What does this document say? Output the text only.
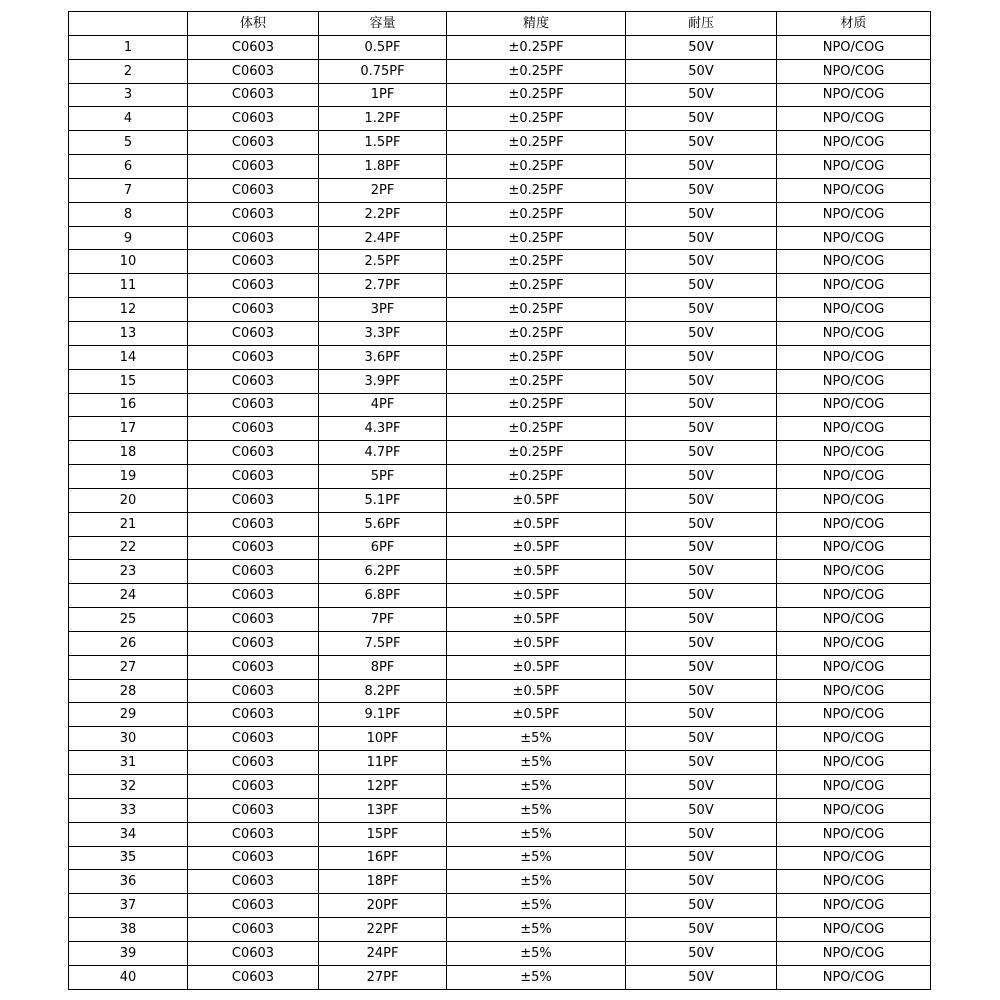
	体积	容量	精度	耐压	材质
1	C0603	0.5PF	±0.25PF	50V	NPO/COG
2	C0603	0.75PF	±0.25PF	50V	NPO/COG
3	C0603	1PF	±0.25PF	50V	NPO/COG
4	C0603	1.2PF	±0.25PF	50V	NPO/COG
5	C0603	1.5PF	±0.25PF	50V	NPO/COG
6	C0603	1.8PF	±0.25PF	50V	NPO/COG
7	C0603	2PF	±0.25PF	50V	NPO/COG
8	C0603	2.2PF	±0.25PF	50V	NPO/COG
9	C0603	2.4PF	±0.25PF	50V	NPO/COG
10	C0603	2.5PF	±0.25PF	50V	NPO/COG
11	C0603	2.7PF	±0.25PF	50V	NPO/COG
12	C0603	3PF	±0.25PF	50V	NPO/COG
13	C0603	3.3PF	±0.25PF	50V	NPO/COG
14	C0603	3.6PF	±0.25PF	50V	NPO/COG
15	C0603	3.9PF	±0.25PF	50V	NPO/COG
16	C0603	4PF	±0.25PF	50V	NPO/COG
17	C0603	4.3PF	±0.25PF	50V	NPO/COG
18	C0603	4.7PF	±0.25PF	50V	NPO/COG
19	C0603	5PF	±0.25PF	50V	NPO/COG
20	C0603	5.1PF	±0.5PF	50V	NPO/COG
21	C0603	5.6PF	±0.5PF	50V	NPO/COG
22	C0603	6PF	±0.5PF	50V	NPO/COG
23	C0603	6.2PF	±0.5PF	50V	NPO/COG
24	C0603	6.8PF	±0.5PF	50V	NPO/COG
25	C0603	7PF	±0.5PF	50V	NPO/COG
26	C0603	7.5PF	±0.5PF	50V	NPO/COG
27	C0603	8PF	±0.5PF	50V	NPO/COG
28	C0603	8.2PF	±0.5PF	50V	NPO/COG
29	C0603	9.1PF	±0.5PF	50V	NPO/COG
30	C0603	10PF	±5%	50V	NPO/COG
31	C0603	11PF	±5%	50V	NPO/COG
32	C0603	12PF	±5%	50V	NPO/COG
33	C0603	13PF	±5%	50V	NPO/COG
34	C0603	15PF	±5%	50V	NPO/COG
35	C0603	16PF	±5%	50V	NPO/COG
36	C0603	18PF	±5%	50V	NPO/COG
37	C0603	20PF	±5%	50V	NPO/COG
38	C0603	22PF	±5%	50V	NPO/COG
39	C0603	24PF	±5%	50V	NPO/COG
40	C0603	27PF	±5%	50V	NPO/COG
